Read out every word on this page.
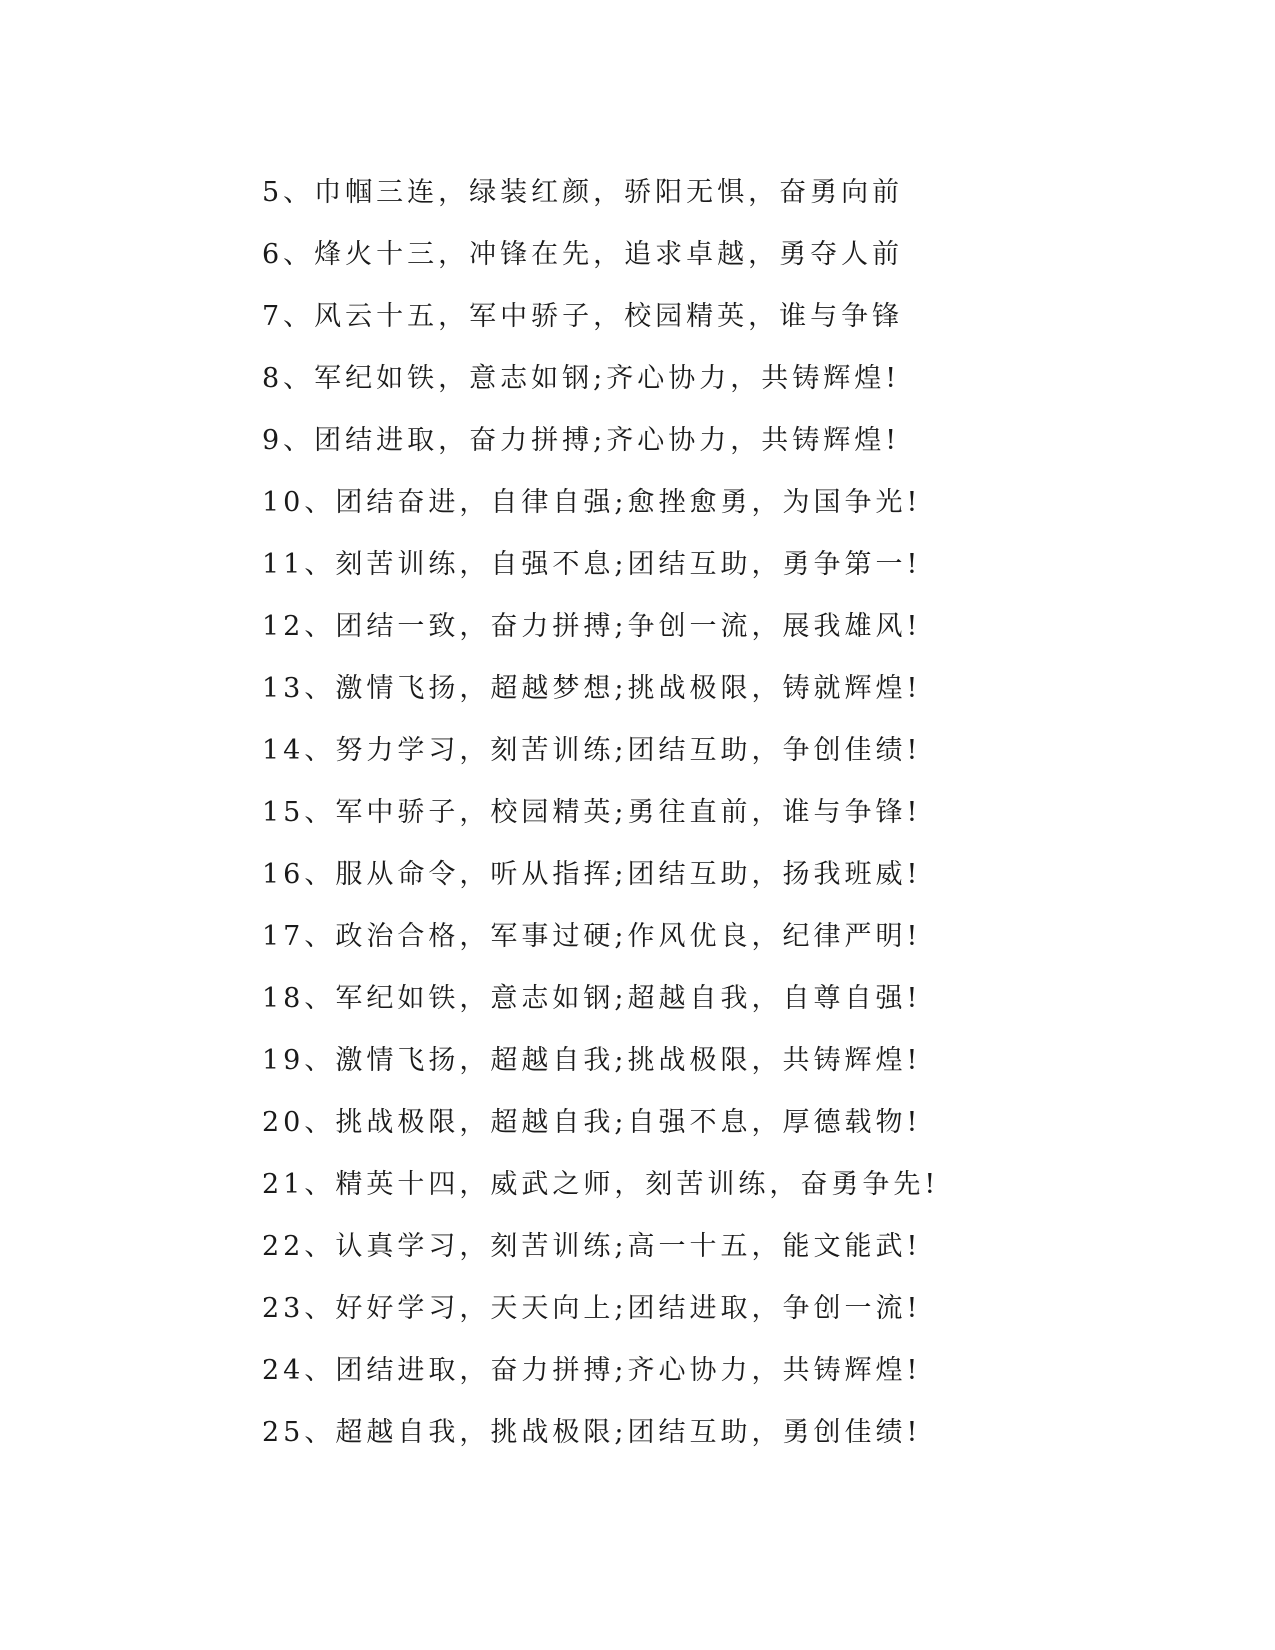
5、巾帼三连，绿装红颜，骄阳无惧，奋勇向前
6、烽火十三，冲锋在先，追求卓越，勇夺人前
7、风云十五，军中骄子，校园精英，谁与争锋
8、军纪如铁，意志如钢;齐心协力，共铸辉煌!
9、团结进取，奋力拼搏;齐心协力，共铸辉煌!
10、团结奋进，自律自强;愈挫愈勇，为国争光!
11、刻苦训练，自强不息;团结互助，勇争第一!
12、团结一致，奋力拼搏;争创一流，展我雄风!
13、激情飞扬，超越梦想;挑战极限，铸就辉煌!
14、努力学习，刻苦训练;团结互助，争创佳绩!
15、军中骄子，校园精英;勇往直前，谁与争锋!
16、服从命令，听从指挥;团结互助，扬我班威!
17、政治合格，军事过硬;作风优良，纪律严明!
18、军纪如铁，意志如钢;超越自我，自尊自强!
19、激情飞扬，超越自我;挑战极限，共铸辉煌!
20、挑战极限，超越自我;自强不息，厚德载物!
21、精英十四，威武之师，刻苦训练，奋勇争先!
22、认真学习，刻苦训练;高一十五，能文能武!
23、好好学习，天天向上;团结进取，争创一流!
24、团结进取，奋力拼搏;齐心协力，共铸辉煌!
25、超越自我，挑战极限;团结互助，勇创佳绩!
